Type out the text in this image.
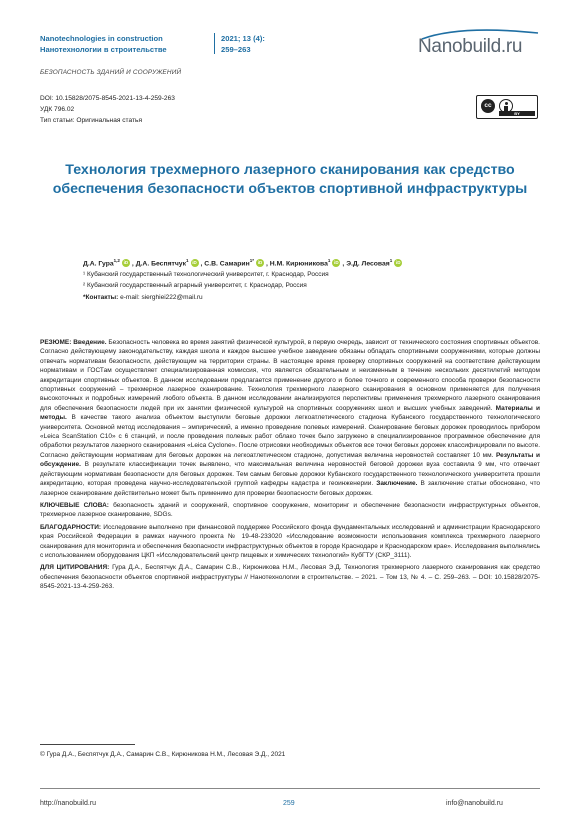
Nanotechnologies in construction
Нанотехнологии в строительстве
2021; 13 (4):
259–263	Nanobuild.ru
БЕЗОПАСНОСТЬ ЗДАНИЙ И СООРУЖЕНИЙ
DOI: 10.15828/2075-8545-2021-13-4-259-263
УДК 796.02
Тип статьи: Оригинальная статья
cc
BY
Технология трехмерного лазерного сканирования как средство обеспечения безопасности объектов спортивной инфраструктуры
Д.А. Гура$^{1,2}$ iD , Д.А. Беспятчук$^1$ iD , С.В. Самарин$^{1*}$ iD , Н.М. Кирюникова$^1$ iD , Э.Д. Лесовая$^1$ iD
¹ Кубанский государственный технологический университет, г. Краснодар, Россия
² Кубанский государственный аграрный университет, г. Краснодар, Россия
*Контакты: e-mail: sierghiei222@mail.ru

РЕЗЮМЕ: Введение. Безопасность человека во время занятий физической культурой, в первую очередь, зависит от технического состояния спортивных объектов. Согласно действующему законодательству, каждая школа и каждое высшее учебное заведение обязаны обладать спортивными сооружениями, которые должны отвечать нормативам безопасности, действующим на территории страны. В настоящее время проверку спортивных сооружений на соответствие действующим нормативам и ГОСТам осуществляет специализированная комиссия, что является обязательным и неизменным в течение нескольких десятилетий методом аккредитации спортивных объектов. В данном исследовании предлагается применение другого и более точного и современного способа проверки безопасности спортивных сооружений – трехмерное лазерное сканирование. Технология трехмерного лазерного сканирования в основном применяется для получения высокоточных и подробных измерений любого объекта. В данном исследовании анализируются перспективы применения трехмерного лазерного сканирования для обеспечения безопасности людей при их занятии физической культурой на спортивных сооружениях школ и высших учебных заведений. Материалы и методы. В качестве такого анализа объектом выступили беговые дорожки легкоатлетического стадиона Кубанского государственного технологического университета. Основной метод исследования – эмпирический, а именно проведение полевых измерений. Сканирование беговых дорожек проводилось прибором «Leica ScanStation C10» с 6 станций, и после проведения полевых работ облако точек было загружено в специализированное программное обеспечение для обработки результатов лазерного сканирования «Leica Cyclone». После отрисовки необходимых объектов все точки беговых дорожек классифицировали по высоте. Согласно действующим нормативам для беговых дорожек на легкоатлетическом стадионе, допустимая величина неровностей составляет 10 мм. Результаты и обсуждение. В результате классификации точек выявлено, что максимальная величина неровностей беговой дорожки вуза составила 9 мм, что отвечает действующим нормативам безопасности для беговых дорожек. Тем самым беговые дорожки Кубанского государственного технологического университета прошли аккредитацию, которая проведена научно-исследовательской группой кафедры кадастра и геоинженерии. Заключение. В заключение статьи обосновано, что лазерное сканирование действительно может быть применимо для проверки безопасности беговых дорожек.

КЛЮЧЕВЫЕ СЛОВА: безопасность зданий и сооружений, спортивное сооружение, мониторинг и обеспечение безопасности инфраструктурных объектов, трехмерное лазерное сканирование, SDGs.

БЛАГОДАРНОСТИ: Исследование выполнено при финансовой поддержке Российского фонда фундаментальных исследований и администрации Краснодарского края Российской Федерации в рамках научного проекта № 19-48-233020 «Исследование возможности использования комплекса трехмерного лазерного сканирования для мониторинга и обеспечения безопасности инфраструктурных объектов в городе Краснодаре и Краснодарском крае». Исследования выполнялись с использованием оборудования ЦКП «Исследовательский центр пищевых и химических технологий» КубГТУ (СКР_3111).

ДЛЯ ЦИТИРОВАНИЯ: Гура Д.А., Беспятчук Д.А., Самарин С.В., Кирюникова Н.М., Лесовая Э.Д. Технология трехмерного лазерного сканирования как средство обеспечения безопасности объектов спортивной инфраструктуры // Нанотехнологии в строительстве. – 2021. – Том 13, № 4. – С. 259–263. – DOI: 10.15828/2075-8545-2021-13-4-259-263.

© Гура Д.А., Беспятчук Д.А., Самарин С.В., Кирюникова Н.М., Лесовая Э.Д., 2021
http://nanobuild.ru	259	info@nanobuild.ru
